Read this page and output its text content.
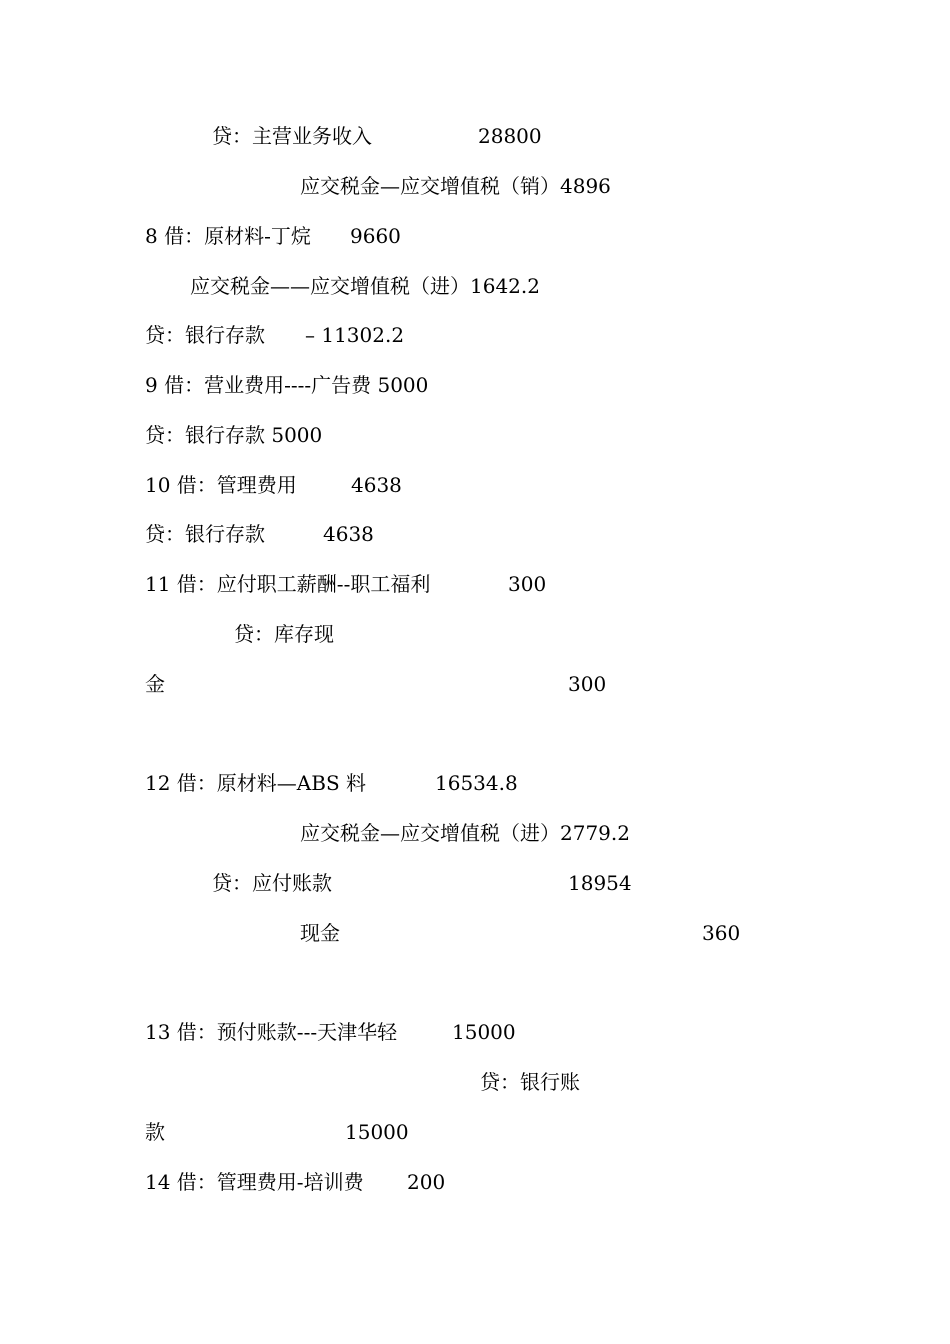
贷：主营业务收入	28800
应交税金—应交增值税（销）4896
8 借：原材料-丁烷 9660
应交税金——应交增值税（进）1642.2
贷：银行存款 – 11302.2
9 借：营业费用----广告费 5000
贷：银行存款 5000
10 借：管理费用	4638
贷：银行存款	4638
11 借：应付职工薪酬--职工福利	300
贷：库存现
金	300
12 借：原材料—ABS 料	16534.8
应交税金—应交增值税（进）2779.2
贷：应付账款	18954
现金	360
13 借：预付账款---天津华轻	15000
贷：银行账
款	15000
14 借：管理费用-培训费 200
